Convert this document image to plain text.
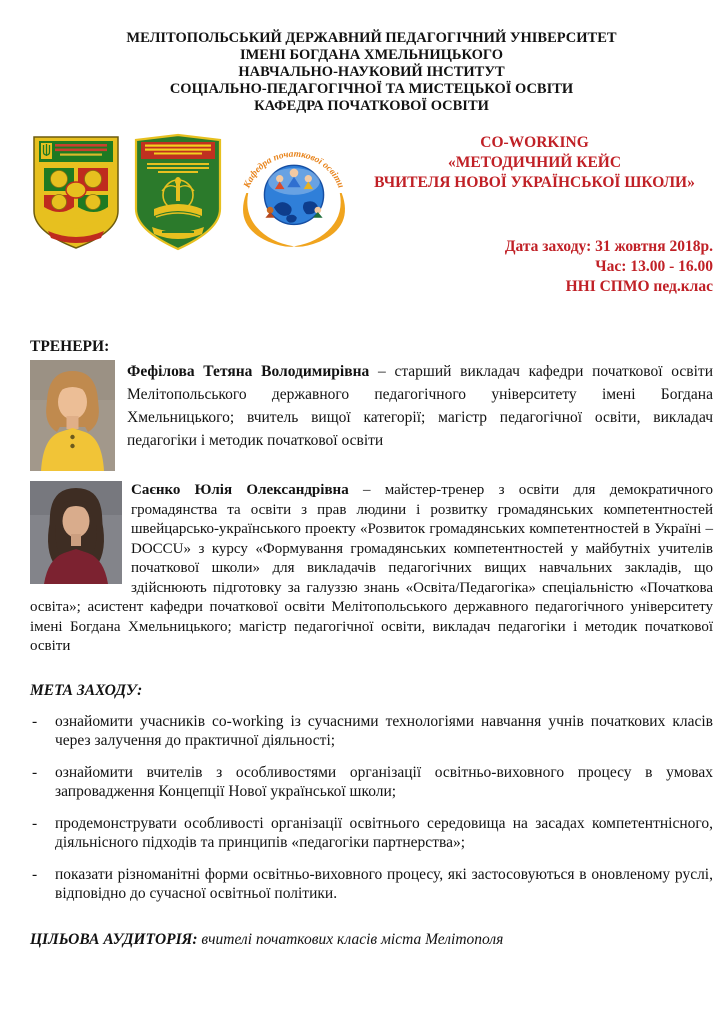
МЕЛІТОПОЛЬСЬКИЙ ДЕРЖАВНИЙ ПЕДАГОГІЧНИЙ УНІВЕРСИТЕТ
ІМЕНІ БОГДАНА ХМЕЛЬНИЦЬКОГО
НАВЧАЛЬНО-НАУКОВИЙ ІНСТИТУТ
СОЦІАЛЬНО-ПЕДАГОГІЧНОЇ ТА МИСТЕЦЬКОЇ ОСВІТИ
КАФЕДРА ПОЧАТКОВОЇ ОСВІТИ
Кафедра початкової освіти
CO-WORKING
«МЕТОДИЧНИЙ КЕЙС
ВЧИТЕЛЯ НОВОЇ УКРАЇНСЬКОЇ ШКОЛИ»
Дата заходу: 31 жовтня 2018р.
Час: 13.00 - 16.00
ННІ СПМО пед.клас
ТРЕНЕРИ:

Фефілова Тетяна Володимирівна – старший викладач кафедри початкової освіти Мелітопольського державного педагогічного університету імені Богдана Хмельницького; вчитель вищої категорії; магістр педагогічної освіти, викладач педагогіки і методик початкової освіти

Саєнко Юлія Олександрівна – майстер-тренер з освіти для демократичного громадянства та освіти з прав людини і розвитку громадянських компетентностей швейцарсько-українського проекту «Розвиток громадянських компетентностей в Україні – DOCCU» з курсу «Формування громадянських компетентностей у майбутніх учителів початкової школи» для викладачів педагогічних вищих навчальних закладів, що здійснюють підготовку за галуззю знань «Освіта/Педагогіка» спеціальністю «Початкова освіта»; асистент кафедри початкової освіти Мелітопольського державного педагогічного університету імені Богдана Хмельницького; магістр педагогічної освіти, викладач педагогіки і методик початкової освіти

МЕТА ЗАХОДУ:
- ознайомити учасників co-working із сучасними технологіями навчання учнів початкових класів через залучення до практичної діяльності;

- ознайомити вчителів з особливостями організації освітньо-виховного процесу в умовах запровадження Концепції Нової української школи;

- продемонструвати особливості організації освітнього середовища на засадах компетентнісного, діяльнісного підходів та принципів «педагогіки партнерства»;

- показати різноманітні форми освітньо-виховного процесу, які застосовуються в оновленому руслі, відповідно до сучасної освітньої політики.

ЦІЛЬОВА АУДИТОРІЯ: вчителі початкових класів міста Мелітополя
